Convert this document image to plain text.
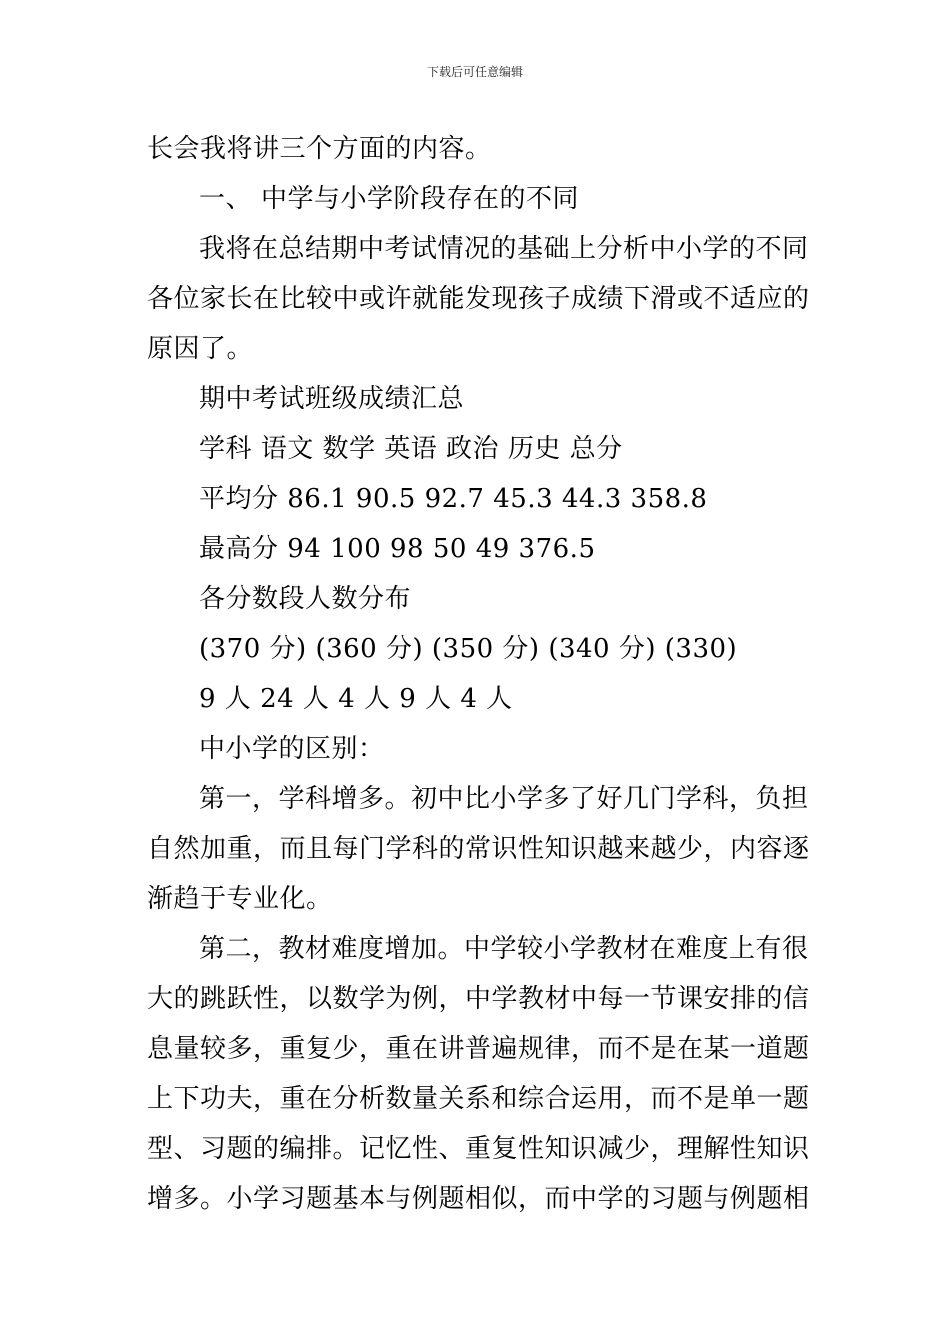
下载后可任意编辑
长会我将讲三个方面的内容。
一、 中学与小学阶段存在的不同
我将在总结期中考试情况的基础上分析中小学的不同
各位家长在比较中或许就能发现孩子成绩下滑或不适应的
原因了。
期中考试班级成绩汇总
学科 语文 数学 英语 政治 历史 总分
平均分 86.1 90.5 92.7 45.3 44.3 358.8
最高分 94 100 98 50 49 376.5
各分数段人数分布
(370 分) (360 分) (350 分) (340 分) (330)
9 人 24 人 4 人 9 人 4 人
中小学的区别：
第一，学科增多。初中比小学多了好几门学科，负担
自然加重，而且每门学科的常识性知识越来越少，内容逐
渐趋于专业化。
第二，教材难度增加。中学较小学教材在难度上有很
大的跳跃性，以数学为例，中学教材中每一节课安排的信
息量较多，重复少，重在讲普遍规律，而不是在某一道题
上下功夫，重在分析数量关系和综合运用，而不是单一题
型、习题的编排。记忆性、重复性知识减少，理解性知识
增多。小学习题基本与例题相似，而中学的习题与例题相
